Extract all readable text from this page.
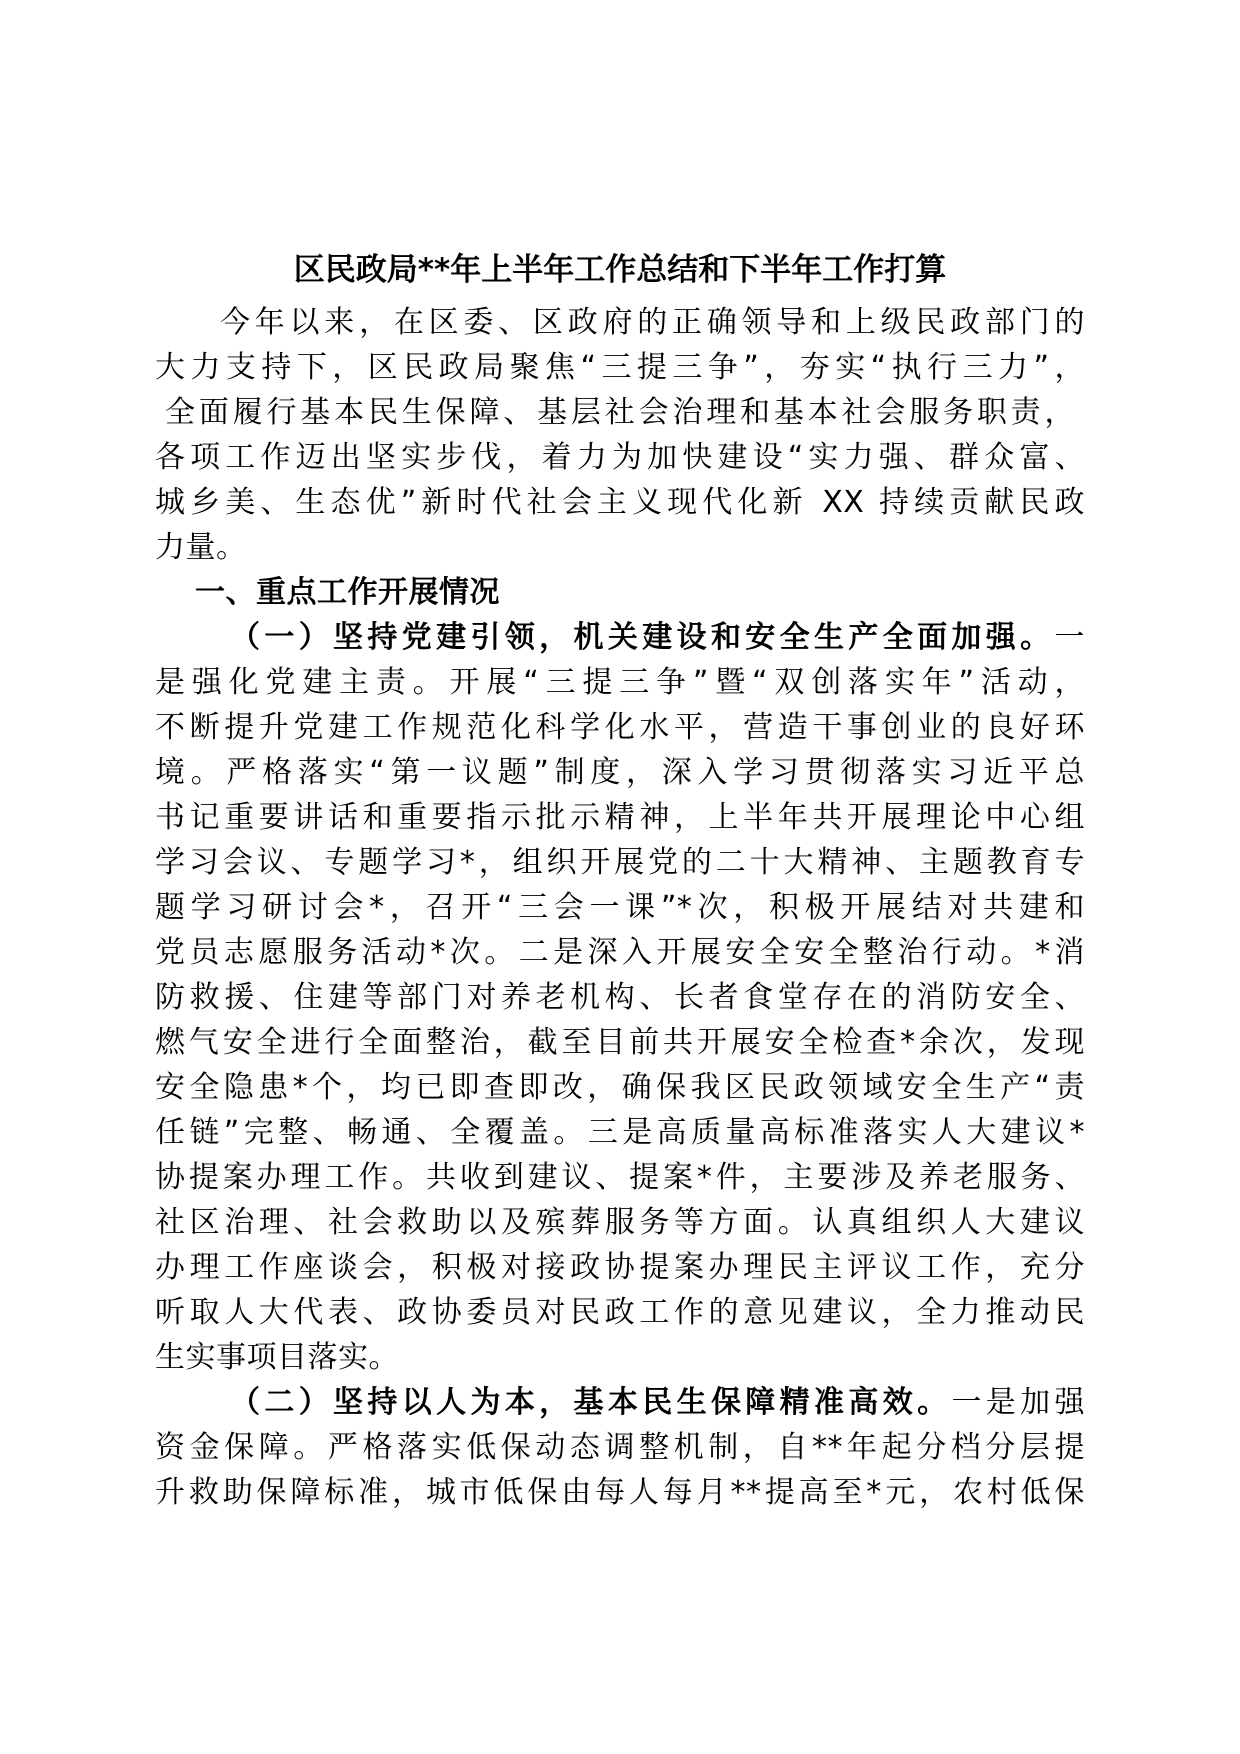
区民政局**年上半年工作总结和下半年工作打算
今年以来，在区委、区政府的正确领导和上级民政部门的
大力支持下，区民政局聚焦“三提三争”，夯实“执行三力”，
全面履行基本民生保障、基层社会治理和基本社会服务职责，
各项工作迈出坚实步伐，着力为加快建设“实力强、群众富、
城乡美、生态优”新时代社会主义现代化新 XX 持续贡献民政
力量。
一、重点工作开展情况
（一）坚持党建引领，机关建设和安全生产全面加强。一
是强化党建主责。开展“三提三争”暨“双创落实年”活动，
不断提升党建工作规范化科学化水平，营造干事创业的良好环
境。严格落实“第一议题”制度，深入学习贯彻落实习近平总
书记重要讲话和重要指示批示精神，上半年共开展理论中心组
学习会议、专题学习*，组织开展党的二十大精神、主题教育专
题学习研讨会*，召开“三会一课”*次，积极开展结对共建和
党员志愿服务活动*次。二是深入开展安全安全整治行动。*消
防救援、住建等部门对养老机构、长者食堂存在的消防安全、
燃气安全进行全面整治，截至目前共开展安全检查*余次，发现
安全隐患*个，均已即查即改，确保我区民政领域安全生产“责
任链”完整、畅通、全覆盖。三是高质量高标准落实人大建议*
协提案办理工作。共收到建议、提案*件，主要涉及养老服务、
社区治理、社会救助以及殡葬服务等方面。认真组织人大建议
办理工作座谈会，积极对接政协提案办理民主评议工作，充分
听取人大代表、政协委员对民政工作的意见建议，全力推动民
生实事项目落实。
（二）坚持以人为本，基本民生保障精准高效。一是加强
资金保障。严格落实低保动态调整机制，自**年起分档分层提
升救助保障标准，城市低保由每人每月**提高至*元，农村低保
